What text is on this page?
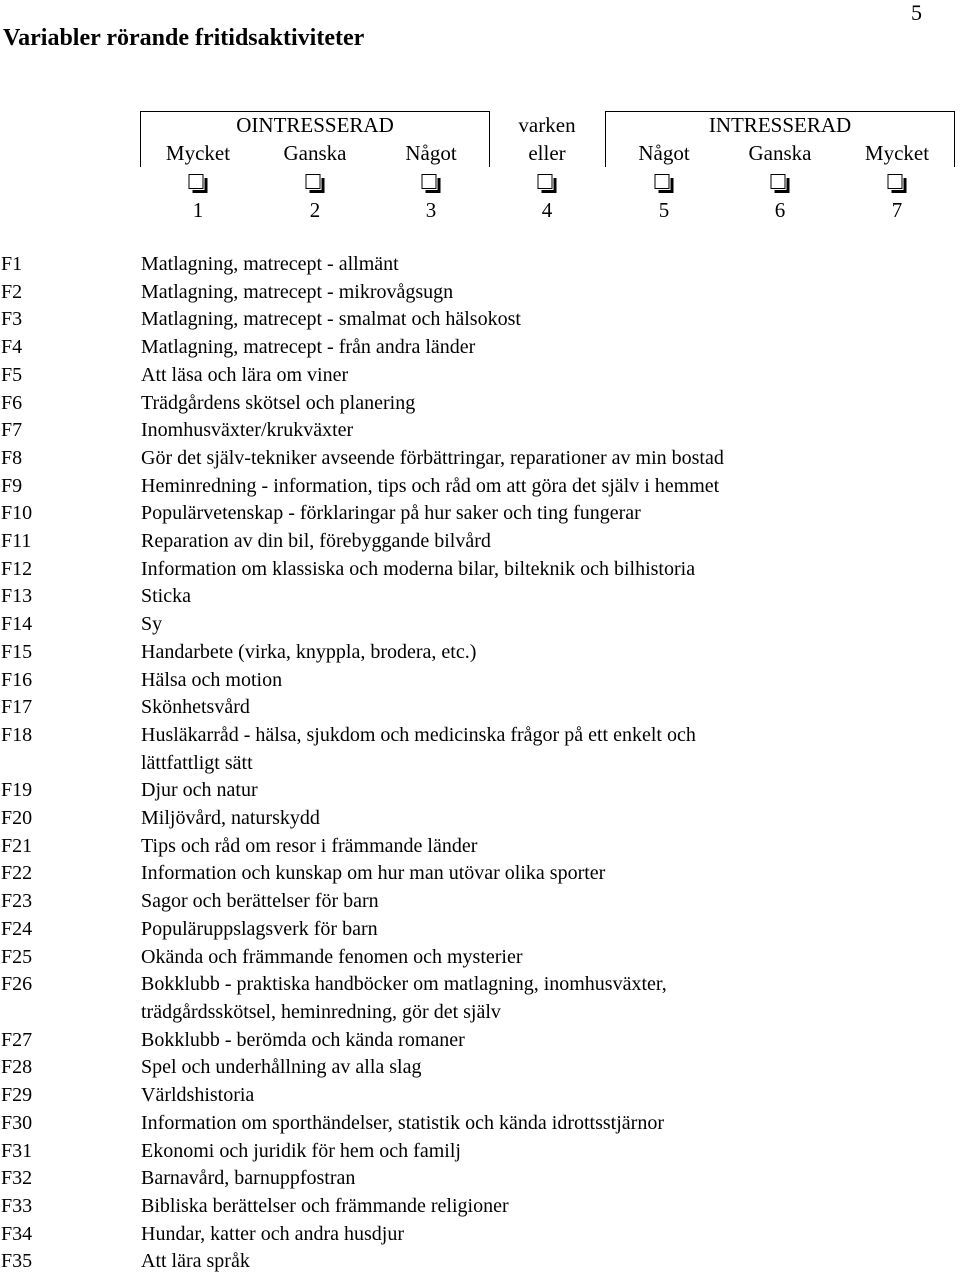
5
Variabler rörande fritidsaktiviteter
OINTRESSERAD	varken	INTRESSERAD
Mycket	Ganska	Något	eller	Något	Ganska	Mycket
1	2	3	4	5	6	7
F1	Matlagning, matrecept - allmänt
F2	Matlagning, matrecept - mikrovågsugn
F3	Matlagning, matrecept - smalmat och hälsokost
F4	Matlagning, matrecept - från andra länder
F5	Att läsa och lära om viner
F6	Trädgårdens skötsel och planering
F7	Inomhusväxter/krukväxter
F8	Gör det själv-tekniker avseende förbättringar, reparationer av min bostad
F9	Heminredning - information, tips och råd om att göra det själv i hemmet
F10	Populärvetenskap - förklaringar på hur saker och ting fungerar
F11	Reparation av din bil, förebyggande bilvård
F12	Information om klassiska och moderna bilar, bilteknik och bilhistoria
F13	Sticka
F14	Sy
F15	Handarbete (virka, knyppla, brodera, etc.)
F16	Hälsa och motion
F17	Skönhetsvård
F18	Husläkarråd - hälsa, sjukdom och medicinska frågor på ett enkelt och
lättfattligt sätt
F19	Djur och natur
F20	Miljövård, naturskydd
F21	Tips och råd om resor i främmande länder
F22	Information och kunskap om hur man utövar olika sporter
F23	Sagor och berättelser för barn
F24	Populäruppslagsverk för barn
F25	Okända och främmande fenomen och mysterier
F26	Bokklubb - praktiska handböcker om matlagning, inomhusväxter,
trädgårdsskötsel, heminredning, gör det själv
F27	Bokklubb - berömda och kända romaner
F28	Spel och underhållning av alla slag
F29	Världshistoria
F30	Information om sporthändelser, statistik och kända idrottsstjärnor
F31	Ekonomi och juridik för hem och familj
F32	Barnavård, barnuppfostran
F33	Bibliska berättelser och främmande religioner
F34	Hundar, katter och andra husdjur
F35	Att lära språk
